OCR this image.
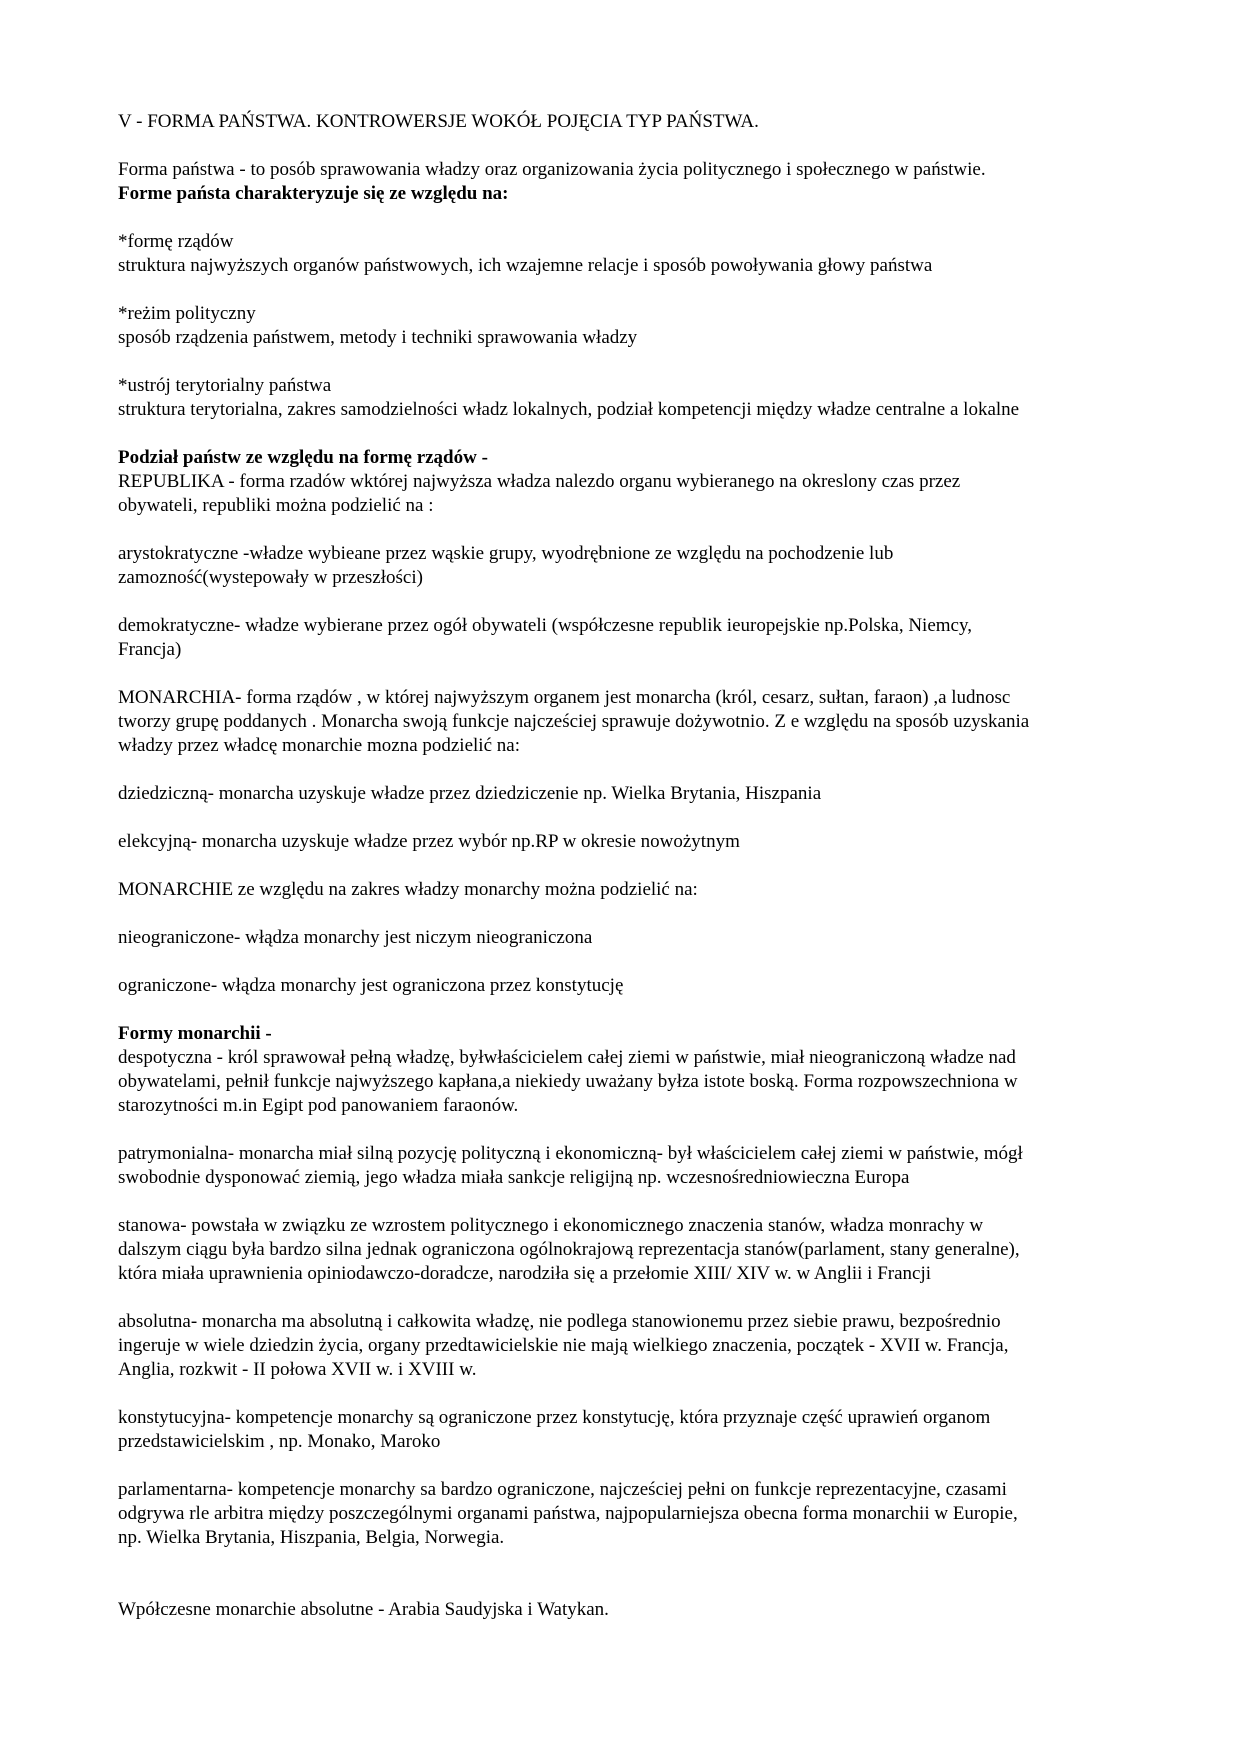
V - FORMA PAŃSTWA. KONTROWERSJE WOKÓŁ POJĘCIA TYP PAŃSTWA.
Forma państwa - to posób sprawowania władzy oraz organizowania życia politycznego i społecznego w państwie.
Forme państa charakteryzuje się ze względu na:
*formę rządów
struktura najwyższych organów państwowych, ich wzajemne relacje i sposób powoływania głowy państwa
*reżim polityczny
sposób rządzenia państwem, metody i techniki sprawowania władzy
*ustrój terytorialny państwa
struktura terytorialna, zakres samodzielności władz lokalnych, podział kompetencji między władze centralne a lokalne
Podział państw ze względu na formę rządów -
REPUBLIKA - forma rzadów wktórej najwyższa władza nalezdo organu wybieranego na okreslony czas przez
obywateli, republiki można podzielić na :
arystokratyczne -władze wybieane przez wąskie grupy, wyodrębnione ze względu na pochodzenie lub
zamozność(wystepowały w przeszłości)
demokratyczne- władze wybierane przez ogół obywateli (współczesne republik ieuropejskie np.Polska, Niemcy,
Francja)
MONARCHIA- forma rządów , w której najwyższym organem jest monarcha (król, cesarz, sułtan, faraon) ,a ludnosc
tworzy grupę poddanych . Monarcha swoją funkcje najcześciej sprawuje dożywotnio. Z e względu na sposób uzyskania
władzy przez władcę monarchie mozna podzielić na:
dziedziczną- monarcha uzyskuje władze przez dziedziczenie np. Wielka Brytania, Hiszpania
elekcyjną- monarcha uzyskuje władze przez wybór np.RP w okresie nowożytnym
MONARCHIE ze względu na zakres władzy monarchy można podzielić na:
nieograniczone- włądza monarchy jest niczym nieograniczona
ograniczone- włądza monarchy jest ograniczona przez konstytucję
Formy monarchii -
despotyczna - król sprawował pełną władzę, byłwłaścicielem całej ziemi w państwie, miał nieograniczoną władze nad
obywatelami, pełnił funkcje najwyższego kapłana,a niekiedy uważany byłza istote boską. Forma rozpowszechniona w
starozytności m.in Egipt pod panowaniem faraonów.
patrymonialna- monarcha miał silną pozycję polityczną i ekonomiczną- był właścicielem całej ziemi w państwie, mógł
swobodnie dysponować ziemią, jego władza miała sankcje religijną np. wczesnośredniowieczna Europa
stanowa- powstała w związku ze wzrostem politycznego i ekonomicznego znaczenia stanów, władza monrachy w
dalszym ciągu była bardzo silna jednak ograniczona ogólnokrajową reprezentacja stanów(parlament, stany generalne),
która miała uprawnienia opiniodawczo-doradcze, narodziła się a przełomie XIII/ XIV w. w Anglii i Francji
absolutna- monarcha ma absolutną i całkowita władzę, nie podlega stanowionemu przez siebie prawu, bezpośrednio
ingeruje w wiele dziedzin życia, organy przedtawicielskie nie mają wielkiego znaczenia, początek - XVII w. Francja,
Anglia, rozkwit - II połowa XVII w. i XVIII w.
konstytucyjna- kompetencje monarchy są ograniczone przez konstytucję, która przyznaje część uprawień organom
przedstawicielskim , np. Monako, Maroko
parlamentarna- kompetencje monarchy sa bardzo ograniczone, najcześciej pełni on funkcje reprezentacyjne, czasami
odgrywa rle arbitra między poszczególnymi organami państwa, najpopularniejsza obecna forma monarchii w Europie,
np. Wielka Brytania, Hiszpania, Belgia, Norwegia.
Wpółczesne monarchie absolutne - Arabia Saudyjska i Watykan.
